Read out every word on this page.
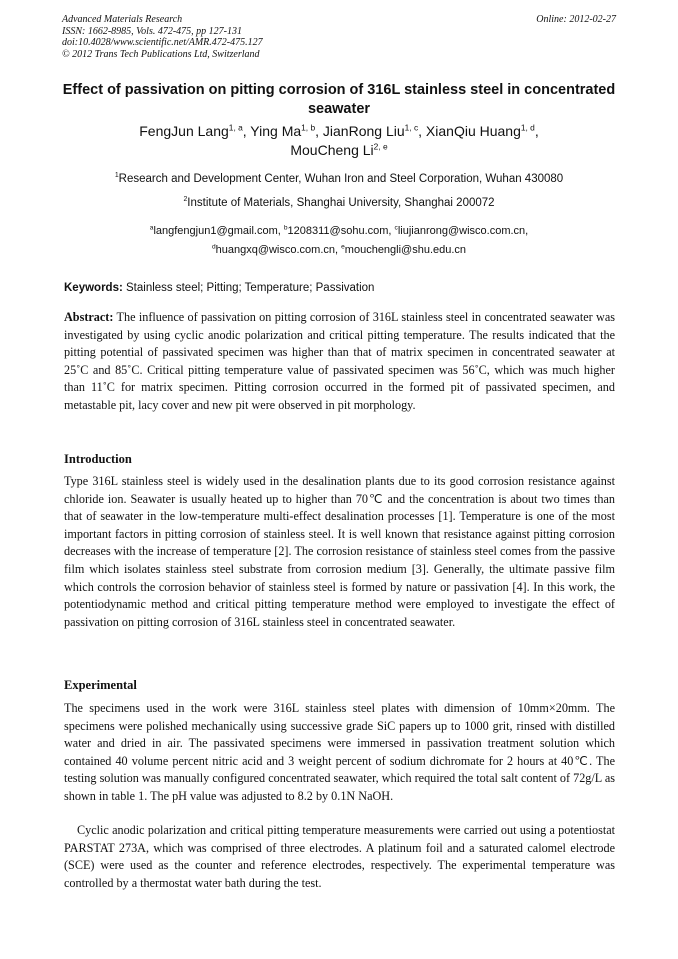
Advanced Materials Research
ISSN: 1662-8985, Vols. 472-475, pp 127-131
doi:10.4028/www.scientific.net/AMR.472-475.127
© 2012 Trans Tech Publications Ltd, Switzerland
Online: 2012-02-27
Effect of passivation on pitting corrosion of 316L stainless steel in concentrated seawater
FengJun Lang$^{1, a}$, Ying Ma$^{1, b}$, JianRong Liu$^{1, c}$, XianQiu Huang$^{1, d}$,
MouCheng Li$^{2, e}$
$^1$Research and Development Center, Wuhan Iron and Steel Corporation, Wuhan 430080
$^2$Institute of Materials, Shanghai University, Shanghai 200072
$^a$langfengjun1@gmail.com, $^b$1208311@sohu.com, $^c$liujianrong@wisco.com.cn,
$^d$huangxq@wisco.com.cn, $^e$mouchengli@shu.edu.cn
Keywords: Stainless steel; Pitting; Temperature; Passivation
Abstract: The influence of passivation on pitting corrosion of 316L stainless steel in concentrated seawater was investigated by using cyclic anodic polarization and critical pitting temperature. The results indicated that the pitting potential of passivated specimen was higher than that of matrix specimen in concentrated seawater at 25˚C and 85˚C. Critical pitting temperature value of passivated specimen was 56˚C, which was much higher than 11˚C for matrix specimen. Pitting corrosion occurred in the formed pit of passivated specimen, and metastable pit, lacy cover and new pit were observed in pit morphology.
Introduction
Type 316L stainless steel is widely used in the desalination plants due to its good corrosion resistance against chloride ion. Seawater is usually heated up to higher than 70℃ and the concentration is about two times than that of seawater in the low-temperature multi-effect desalination processes [1]. Temperature is one of the most important factors in pitting corrosion of stainless steel. It is well known that resistance against pitting corrosion decreases with the increase of temperature [2]. The corrosion resistance of stainless steel comes from the passive film which isolates stainless steel substrate from corrosion medium [3]. Generally, the ultimate passive film which controls the corrosion behavior of stainless steel is formed by nature or passivation [4]. In this work, the potentiodynamic method and critical pitting temperature method were employed to investigate the effect of passivation on pitting corrosion of 316L stainless steel in concentrated seawater.
Experimental
The specimens used in the work were 316L stainless steel plates with dimension of 10mm×20mm. The specimens were polished mechanically using successive grade SiC papers up to 1000 grit, rinsed with distilled water and dried in air. The passivated specimens were immersed in passivation treatment solution which contained 40 volume percent nitric acid and 3 weight percent of sodium dichromate for 2 hours at 40℃. The testing solution was manually configured concentrated seawater, which required the total salt content of 72g/L as shown in table 1. The pH value was adjusted to 8.2 by 0.1N NaOH.
Cyclic anodic polarization and critical pitting temperature measurements were carried out using a potentiostat PARSTAT 273A, which was comprised of three electrodes. A platinum foil and a saturated calomel electrode (SCE) were used as the counter and reference electrodes, respectively. The experimental temperature was controlled by a thermostat water bath during the test.
